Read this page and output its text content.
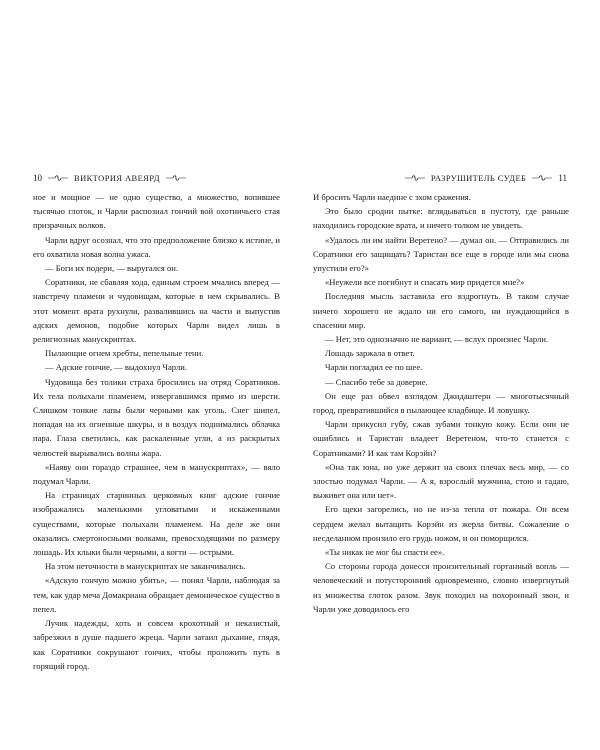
10	ВИКТОРИЯ АВЕЯРД

ное и мощное — не одно существо, а множество, вопившее тысячью глоток, и Чарли распознал гончий вой охотничьего стая призрачных волков.

Чарли вдруг осознал, что это предположение близко к истине, и его охватила новая волна ужаса.

— Боги их подери, — выругался он.

Соратники, не сбавляя хода, единым строем мчались вперед — навстречу пламени и чудовищам, которые в нем скрывались. В этот момент врата рухнули, развалившись на части и выпустив адских демонов, подобие которых Чарли видел лишь в религиозных манускриптах.

Пылающие огнем хребты, пепельные тени.

— Адские гончие, — выдохнул Чарли.

Чудовища без толики страха бросились на отряд Соратников. Их тела полыхали пламенем, извергавшимся прямо из шерсти. Слишком тонкие лапы были черными как уголь. Снег шипел, попадая на их огненные шкуры, и в воздух поднимались облачка пара. Глаза светились, как раскаленные угли, а из раскрытых челюстей вырывались волны жара.

«Наяву они гораздо страшнее, чем в манускриптах», — вяло подумал Чарли.

На страницах старинных церковных книг адские гончие изображались маленькими угловатыми и искаженными существами, которые полыхали пламенем. На деле же они оказались смертоносными волками, превосходящими по размеру лошадь. Их клыки были черными, а когти — острыми.

На этом неточности в манускриптах не заканчивались.

«Адскую гончую можно убить», — понял Чарли, наблюдая за тем, как удар меча Домакриана обращает демоническое существо в пепел.

Лучик надежды, хоть и совсем крохотный и неказистый, забрезжил в душе падшего жреца. Чарли затаил дыхание, глядя, как Соратники сокрушают гончих, чтобы проложить путь в горящий город.

РАЗРУШИТЕЛЬ СУДЕБ	11

И бросить Чарли наедине с эхом сражения.

Это было сродни пытке: вглядываться в пустоту, где раньше находились городские врата, и ничего толком не увидеть.

«Удалось ли им найти Веретено? — думал он. — Отправились ли Соратники его защищать? Таристан все еще в городе или мы снова упустили его?»

«Неужели все погибнут и спасать мир придется мне?»

Последняя мысль заставила его вздрогнуть. В таком случае ничего хорошего не ждало ни его самого, ни нуждающийся в спасении мир.

— Нет, это однозначно не вариант, — вслух произнес Чарли.

Лошадь заржала в ответ.

Чарли погладил ее по шее.

— Спасибо тебе за доверие.

Он еще раз обвел взглядом Джидаштерн — многотысячный город, превратившийся в пылающее кладбище. И ловушку.

Чарли прикусил губу, сжав зубами тонкую кожу. Если они не ошиблись и Таристан владеет Веретеном, что-то станется с Соратниками? И как там Корэйн?

«Она так юна, но уже держит на своих плечах весь мир, — со злостью подумал Чарли. — А я, взрослый мужчина, стою и гадаю, выживет она или нет».

Его щеки загорелись, но не из-за тепла от пожара. Он всем сердцем желал вытащить Корэйн из жерла битвы. Сожаление о несделанном пронзило его грудь ножом, и он поморщился.

«Ты никак не мог бы спасти ее».

Со стороны города донесся пронзительный гортанный вопль — человеческий и потусторонний одновременно, словно извергнутый из множества глоток разом. Звук походил на похоронный звон, и Чарли уже доводилось его
